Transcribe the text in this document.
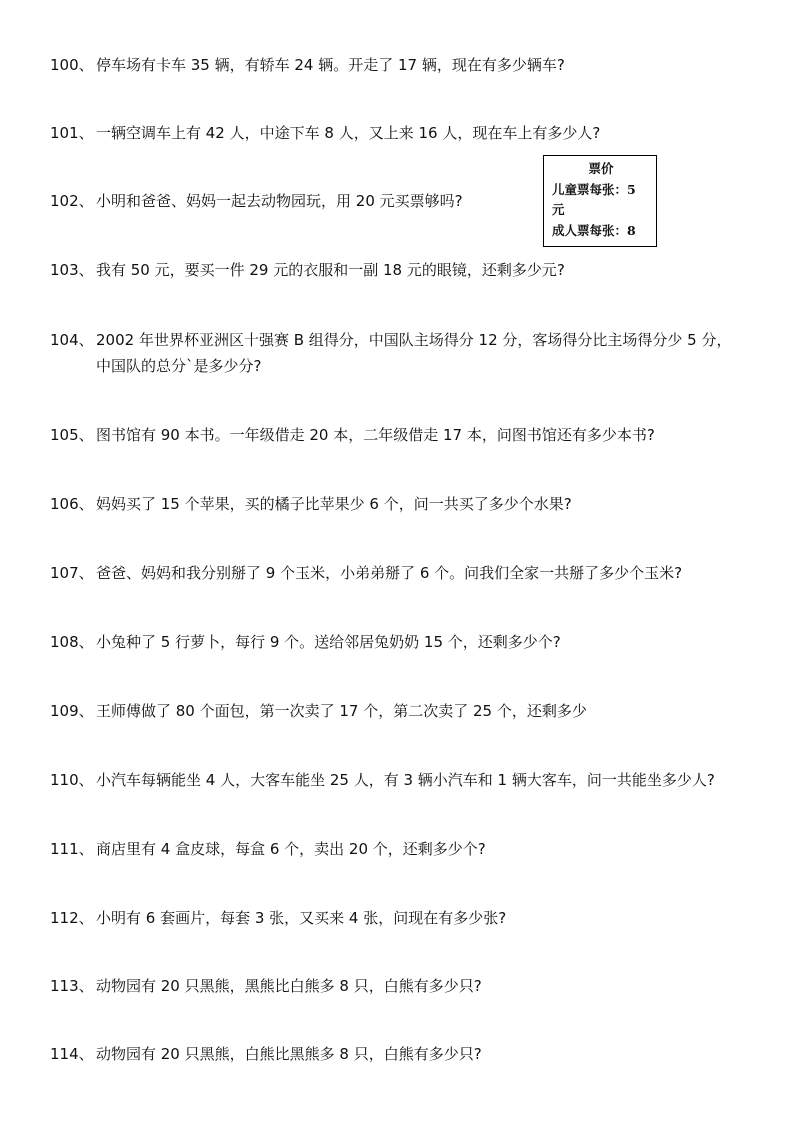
100、 停车场有卡车 35 辆，有轿车 24 辆。开走了 17 辆，现在有多少辆车?
101、 一辆空调车上有 42 人，中途下车 8 人，又上来 16 人，现在车上有多少人?
102、 小明和爸爸、妈妈一起去动物园玩，用 20 元买票够吗?
票价
儿童票每张：5
元
成人票每张：8
103、 我有 50 元，要买一件 29 元的衣服和一副 18 元的眼镜，还剩多少元?
104、 2002 年世界杯亚洲区十强赛 B 组得分，中国队主场得分 12 分，客场得分比主场得分少 5 分，
中国队的总分`是多少分?
105、 图书馆有 90 本书。一年级借走 20 本，二年级借走 17 本，问图书馆还有多少本书?
106、 妈妈买了 15 个苹果，买的橘子比苹果少 6 个，问一共买了多少个水果?
107、 爸爸、妈妈和我分别掰了 9 个玉米，小弟弟掰了 6 个。问我们全家一共掰了多少个玉米?
108、 小兔种了 5 行萝卜，每行 9 个。送给邻居兔奶奶 15 个，还剩多少个?
109、 王师傅做了 80 个面包，第一次卖了 17 个，第二次卖了 25 个，还剩多少
110、 小汽车每辆能坐 4 人，大客车能坐 25 人，有 3 辆小汽车和 1 辆大客车，问一共能坐多少人?
111、 商店里有 4 盒皮球，每盒 6 个，卖出 20 个，还剩多少个?
112、 小明有 6 套画片，每套 3 张，又买来 4 张，问现在有多少张?
113、 动物园有 20 只黑熊，黑熊比白熊多 8 只，白熊有多少只?
114、 动物园有 20 只黑熊，白熊比黑熊多 8 只，白熊有多少只?
